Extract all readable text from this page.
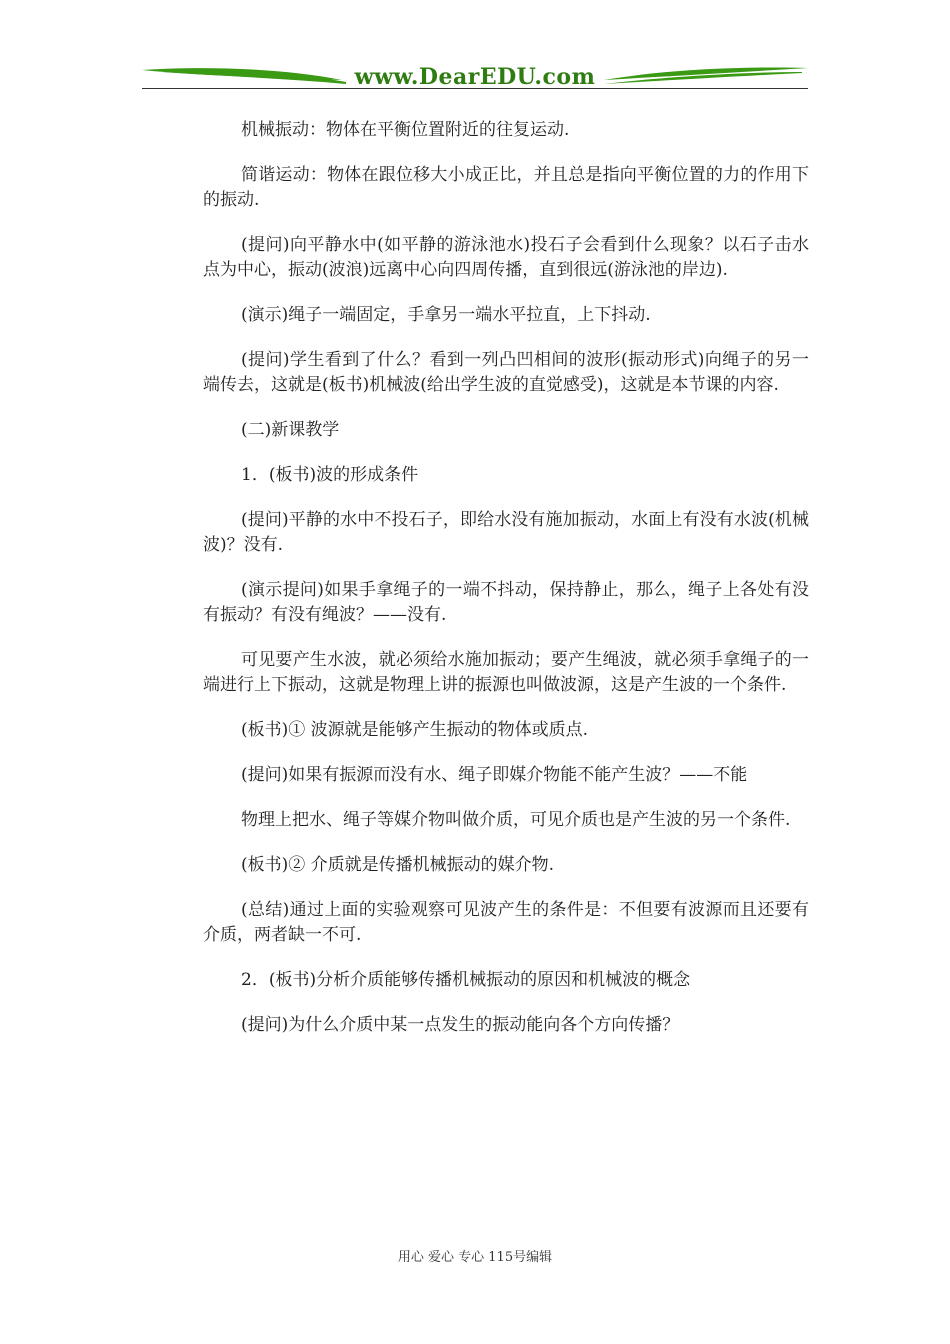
www.DearEDU.com

机械振动：物体在平衡位置附近的往复运动.

简谐运动：物体在跟位移大小成正比，并且总是指向平衡位置的力的作用下的振动.

(提问)向平静水中(如平静的游泳池水)投石子会看到什么现象？以石子击水点为中心，振动(波浪)远离中心向四周传播，直到很远(游泳池的岸边).

(演示)绳子一端固定，手拿另一端水平拉直，上下抖动.

(提问)学生看到了什么？看到一列凸凹相间的波形(振动形式)向绳子的另一端传去，这就是(板书)机械波(给出学生波的直觉感受)，这就是本节课的内容.

(二)新课教学

1．(板书)波的形成条件

(提问)平静的水中不投石子，即给水没有施加振动，水面上有没有水波(机械波)？没有.

(演示提问)如果手拿绳子的一端不抖动，保持静止，那么，绳子上各处有没有振动？有没有绳波？——没有.

可见要产生水波，就必须给水施加振动；要产生绳波，就必须手拿绳子的一端进行上下振动，这就是物理上讲的振源也叫做波源，这是产生波的一个条件.

(板书)① 波源就是能够产生振动的物体或质点.

(提问)如果有振源而没有水、绳子即媒介物能不能产生波？——不能

物理上把水、绳子等媒介物叫做介质，可见介质也是产生波的另一个条件.

(板书)② 介质就是传播机械振动的媒介物.

(总结)通过上面的实验观察可见波产生的条件是：不但要有波源而且还要有介质，两者缺一不可.

2．(板书)分析介质能够传播机械振动的原因和机械波的概念

(提问)为什么介质中某一点发生的振动能向各个方向传播？

用心 爱心 专心 115号编辑
